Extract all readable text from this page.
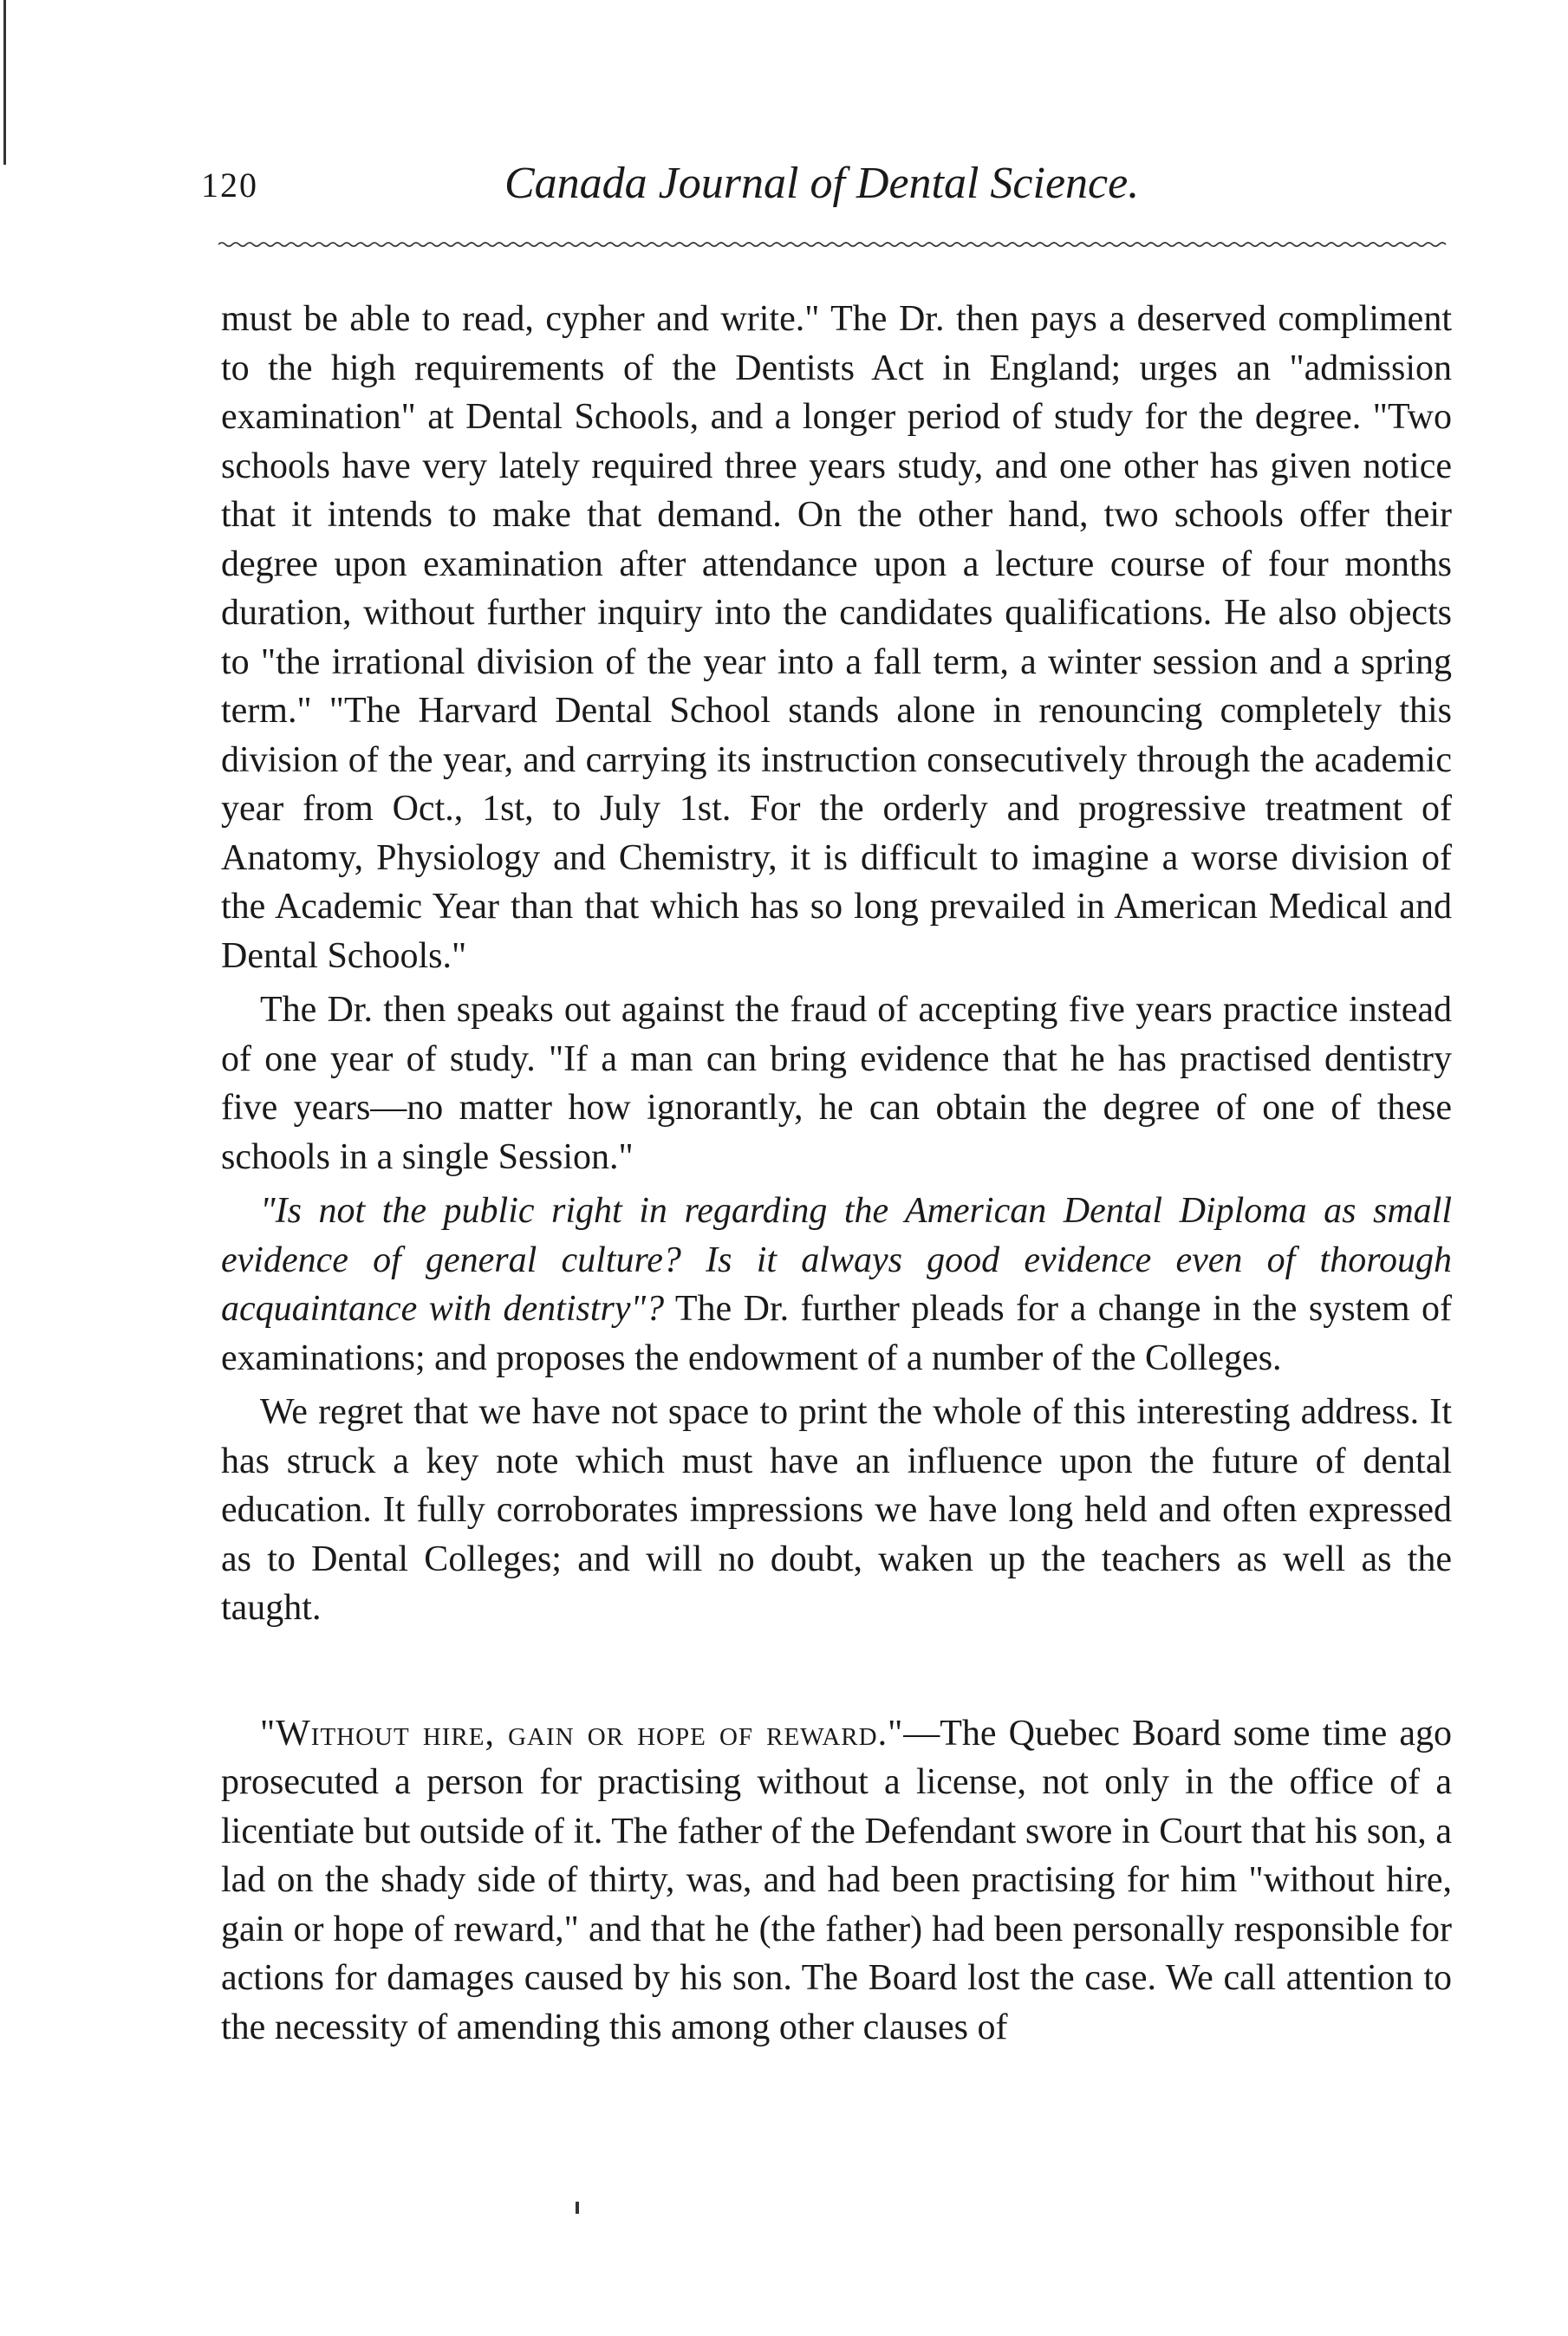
120	Canada Journal of Dental Science.

must be able to read, cypher and write." The Dr. then pays a deserved compliment to the high requirements of the Dentists Act in England; urges an "admission examination" at Dental Schools, and a longer period of study for the degree. "Two schools have very lately required three years study, and one other has given notice that it intends to make that demand. On the other hand, two schools offer their degree upon examination after attendance upon a lecture course of four months duration, without further inquiry into the candidates qualifications. He also objects to "the irrational division of the year into a fall term, a winter session and a spring term." "The Harvard Dental School stands alone in renouncing completely this division of the year, and carrying its instruction consecutively through the academic year from Oct., 1st, to July 1st. For the orderly and progressive treatment of Anatomy, Physiology and Chemistry, it is difficult to imagine a worse division of the Academic Year than that which has so long prevailed in American Medical and Dental Schools."

The Dr. then speaks out against the fraud of accepting five years practice instead of one year of study. "If a man can bring evidence that he has practised dentistry five years—no matter how ignorantly, he can obtain the degree of one of these schools in a single Session."

"Is not the public right in regarding the American Dental Diploma as small evidence of general culture? Is it always good evidence even of thorough acquaintance with dentistry"? The Dr. further pleads for a change in the system of examinations; and proposes the endowment of a number of the Colleges.

We regret that we have not space to print the whole of this interesting address. It has struck a key note which must have an influence upon the future of dental education. It fully corroborates impressions we have long held and often expressed as to Dental Colleges; and will no doubt, waken up the teachers as well as the taught.

"Without hire, gain or hope of reward."—The Quebec Board some time ago prosecuted a person for practising without a license, not only in the office of a licentiate but outside of it. The father of the Defendant swore in Court that his son, a lad on the shady side of thirty, was, and had been practising for him "without hire, gain or hope of reward," and that he (the father) had been personally responsible for actions for damages caused by his son. The Board lost the case. We call attention to the necessity of amending this among other clauses of
